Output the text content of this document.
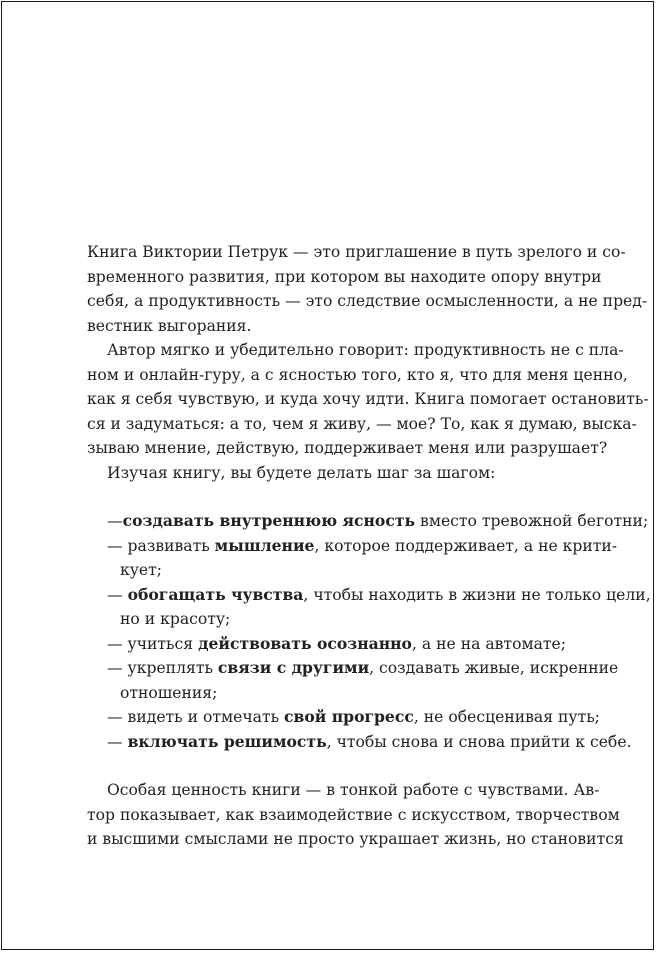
Книга Виктории Петрук — это приглашение в путь зрелого и со-
временного развития, при котором вы находите опору внутри
себя, а продуктивность — это следствие осмысленности, а не пред-
вестник выгорания.

Автор мягко и убедительно говорит: продуктивность не с пла-
ном и онлайн-гуру, а с ясностью того, кто я, что для меня ценно,
как я себя чувствую, и куда хочу идти. Книга помогает остановить-
ся и задуматься: а то, чем я живу, — мое? То, как я думаю, выска-
зываю мнение, действую, поддерживает меня или разрушает?

Изучая книгу, вы будете делать шаг за шагом:

—создавать внутреннюю ясность вместо тревожной беготни;
— развивать мышление, которое поддерживает, а не крити-
кует;
— обогащать чувства, чтобы находить в жизни не только цели,
но и красоту;
— учиться действовать осознанно, а не на автомате;
— укреплять связи с другими, создавать живые, искренние
отношения;
— видеть и отмечать свой прогресс, не обесценивая путь;
— включать решимость, чтобы снова и снова прийти к себе.

Особая ценность книги — в тонкой работе с чувствами. Ав-
тор показывает, как взаимодействие с искусством, творчеством
и высшими смыслами не просто украшает жизнь, но становится
